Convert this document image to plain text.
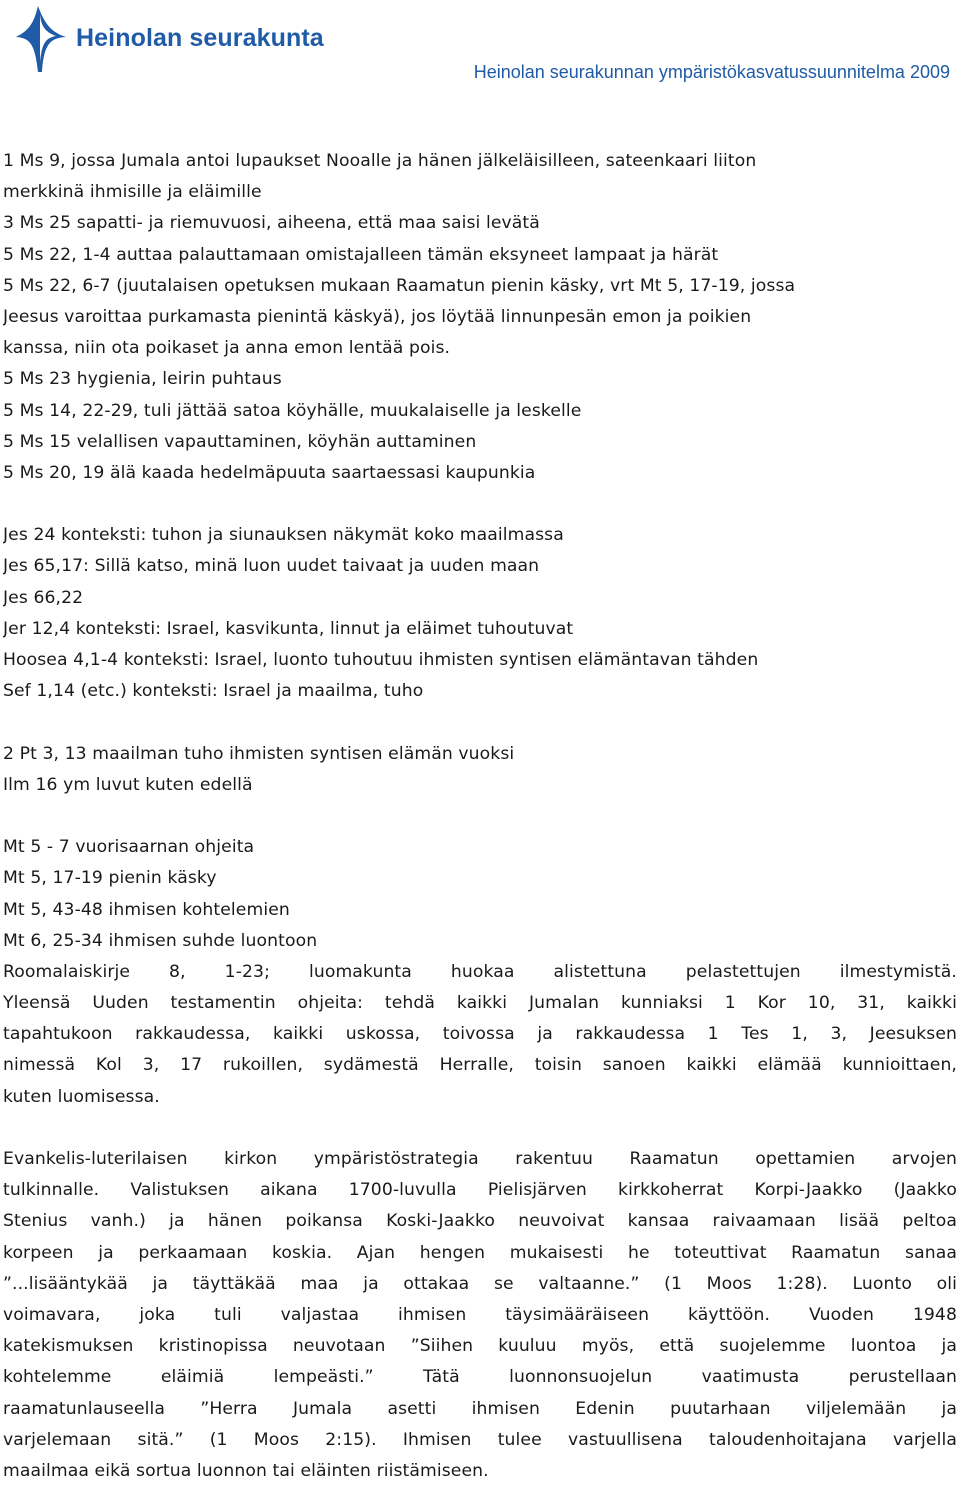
Heinolan seurakunta
Heinolan seurakunnan ympäristökasvatussuunnitelma 2009
1 Ms 9, jossa Jumala antoi lupaukset Nooalle ja hänen jälkeläisilleen, sateenkaari liiton
merkkinä ihmisille ja eläimille
3 Ms 25 sapatti- ja riemuvuosi, aiheena, että maa saisi levätä
5 Ms 22, 1-4 auttaa palauttamaan omistajalleen tämän eksyneet lampaat ja härät
5 Ms 22, 6-7 (juutalaisen opetuksen mukaan Raamatun pienin käsky, vrt Mt 5, 17-19, jossa
Jeesus varoittaa purkamasta pienintä käskyä), jos löytää linnunpesän emon ja poikien
kanssa, niin ota poikaset ja anna emon lentää pois.
5 Ms 23 hygienia, leirin puhtaus
5 Ms 14, 22-29, tuli jättää satoa köyhälle, muukalaiselle ja leskelle
5 Ms 15 velallisen vapauttaminen, köyhän auttaminen
5 Ms 20, 19 älä kaada hedelmäpuuta saartaessasi kaupunkia
Jes 24 konteksti: tuhon ja siunauksen näkymät koko maailmassa
Jes 65,17: Sillä katso, minä luon uudet taivaat ja uuden maan
Jes 66,22
Jer 12,4 konteksti: Israel, kasvikunta, linnut ja eläimet tuhoutuvat
Hoosea 4,1-4 konteksti: Israel, luonto tuhoutuu ihmisten syntisen elämäntavan tähden
Sef 1,14 (etc.) konteksti: Israel ja maailma, tuho
2 Pt 3, 13 maailman tuho ihmisten syntisen elämän vuoksi
Ilm 16 ym luvut kuten edellä
Mt 5 - 7 vuorisaarnan ohjeita
Mt 5, 17-19 pienin käsky
Mt 5, 43-48 ihmisen kohtelemien
Mt 6, 25-34 ihmisen suhde luontoon
Roomalaiskirje 8, 1-23; luomakunta huokaa alistettuna pelastettujen ilmestymistä.
Yleensä Uuden testamentin ohjeita: tehdä kaikki Jumalan kunniaksi 1 Kor 10, 31, kaikki
tapahtukoon rakkaudessa, kaikki uskossa, toivossa ja rakkaudessa 1 Tes 1, 3, Jeesuksen
nimessä Kol 3, 17 rukoillen, sydämestä Herralle, toisin sanoen kaikki elämää kunnioittaen,
kuten luomisessa.
Evankelis-luterilaisen kirkon ympäristöstrategia rakentuu Raamatun opettamien arvojen
tulkinnalle. Valistuksen aikana 1700-luvulla Pielisjärven kirkkoherrat Korpi-Jaakko (Jaakko
Stenius vanh.) ja hänen poikansa Koski-Jaakko neuvoivat kansaa raivaamaan lisää peltoa
korpeen ja perkaamaan koskia. Ajan hengen mukaisesti he toteuttivat Raamatun sanaa
”...lisääntykää ja täyttäkää maa ja ottakaa se valtaanne.” (1 Moos 1:28). Luonto oli
voimavara, joka tuli valjastaa ihmisen täysimääräiseen käyttöön. Vuoden 1948
katekismuksen kristinopissa neuvotaan ”Siihen kuuluu myös, että suojelemme luontoa ja
kohtelemme eläimiä lempeästi.” Tätä luonnonsuojelun vaatimusta perustellaan
raamatunlauseella ”Herra Jumala asetti ihmisen Edenin puutarhaan viljelemään ja
varjelemaan sitä.” (1 Moos 2:15). Ihmisen tulee vastuullisena taloudenhoitajana varjella
maailmaa eikä sortua luonnon tai eläinten riistämiseen.
